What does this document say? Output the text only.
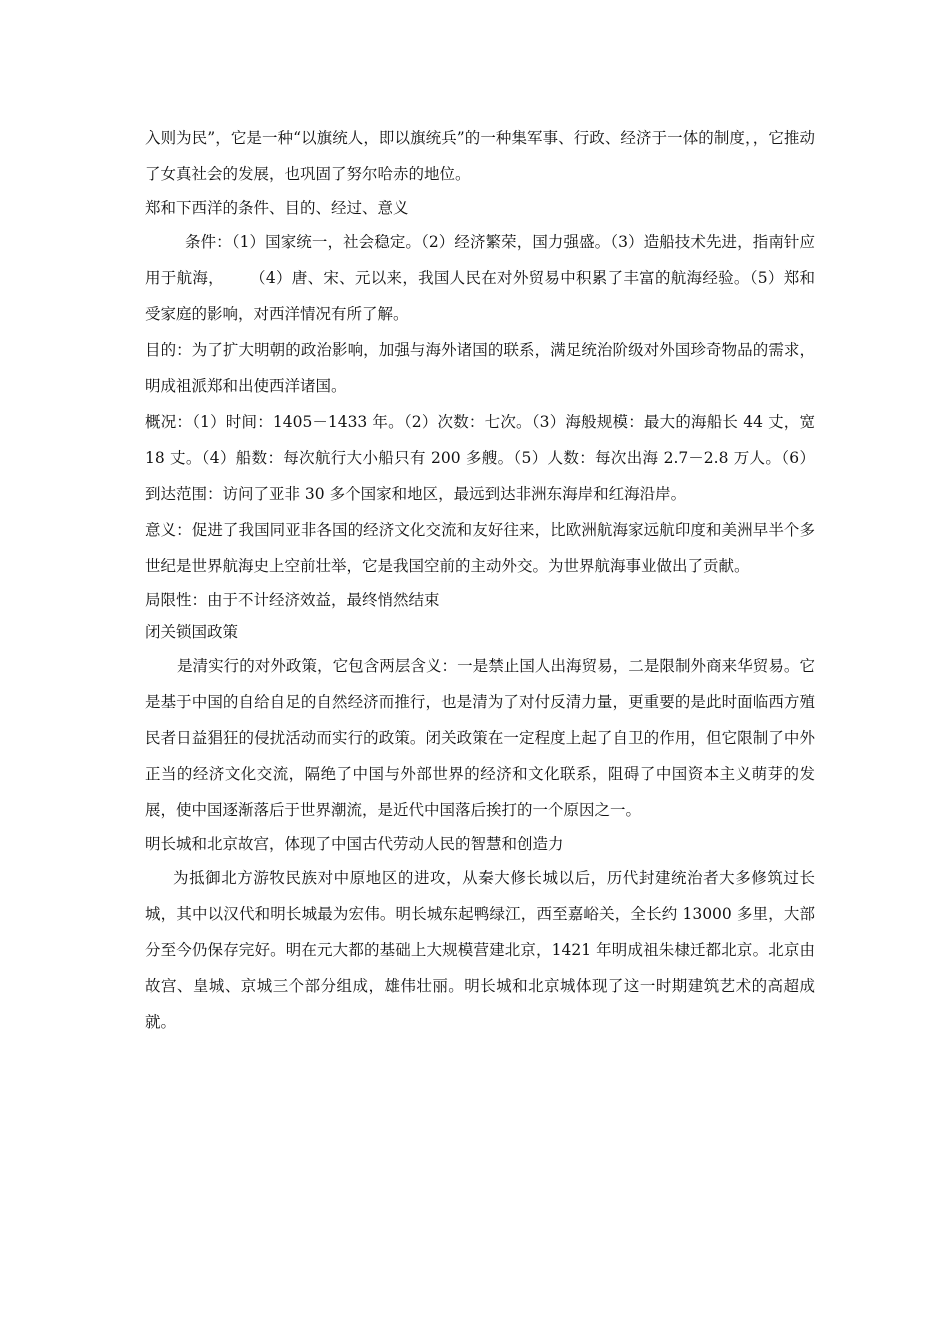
入则为民”，它是一种“以旗统人，即以旗统兵”的一种集军事、行政、经济于一体的制度，，它推动了女真社会的发展，也巩固了努尔哈赤的地位。

郑和下西洋的条件、目的、经过、意义

条件：（1）国家统一，社会稳定。（2）经济繁荣，国力强盛。（3）造船技术先进，指南针应用于航海，     （4）唐、宋、元以来，我国人民在对外贸易中积累了丰富的航海经验。（5）郑和受家庭的影响，对西洋情况有所了解。

目的：为了扩大明朝的政治影响，加强与海外诸国的联系，满足统治阶级对外国珍奇物品的需求，明成祖派郑和出使西洋诸国。

概况：（1）时间：1405－1433 年。（2）次数：七次。（3）海般规模：最大的海船长 44 丈，宽 18 丈。（4）船数：每次航行大小船只有 200 多艘。（5）人数：每次出海 2.7－2.8 万人。（6）到达范围：访问了亚非 30 多个国家和地区，最远到达非洲东海岸和红海沿岸。

意义：促进了我国同亚非各国的经济文化交流和友好往来，比欧洲航海家远航印度和美洲早半个多世纪是世界航海史上空前壮举，它是我国空前的主动外交。为世界航海事业做出了贡献。

局限性：由于不计经济效益，最终悄然结束

闭关锁国政策

是清实行的对外政策，它包含两层含义：一是禁止国人出海贸易，二是限制外商来华贸易。它是基于中国的自给自足的自然经济而推行，也是清为了对付反清力量，更重要的是此时面临西方殖民者日益猖狂的侵扰活动而实行的政策。闭关政策在一定程度上起了自卫的作用，但它限制了中外正当的经济文化交流，隔绝了中国与外部世界的经济和文化联系，阻碍了中国资本主义萌芽的发展，使中国逐渐落后于世界潮流，是近代中国落后挨打的一个原因之一。

明长城和北京故宫，体现了中国古代劳动人民的智慧和创造力

为抵御北方游牧民族对中原地区的进攻，从秦大修长城以后，历代封建统治者大多修筑过长城，其中以汉代和明长城最为宏伟。明长城东起鸭绿江，西至嘉峪关，全长约 13000 多里，大部分至今仍保存完好。明在元大都的基础上大规模营建北京，1421 年明成祖朱棣迁都北京。北京由故宫、皇城、京城三个部分组成，雄伟壮丽。明长城和北京城体现了这一时期建筑艺术的高超成就。
